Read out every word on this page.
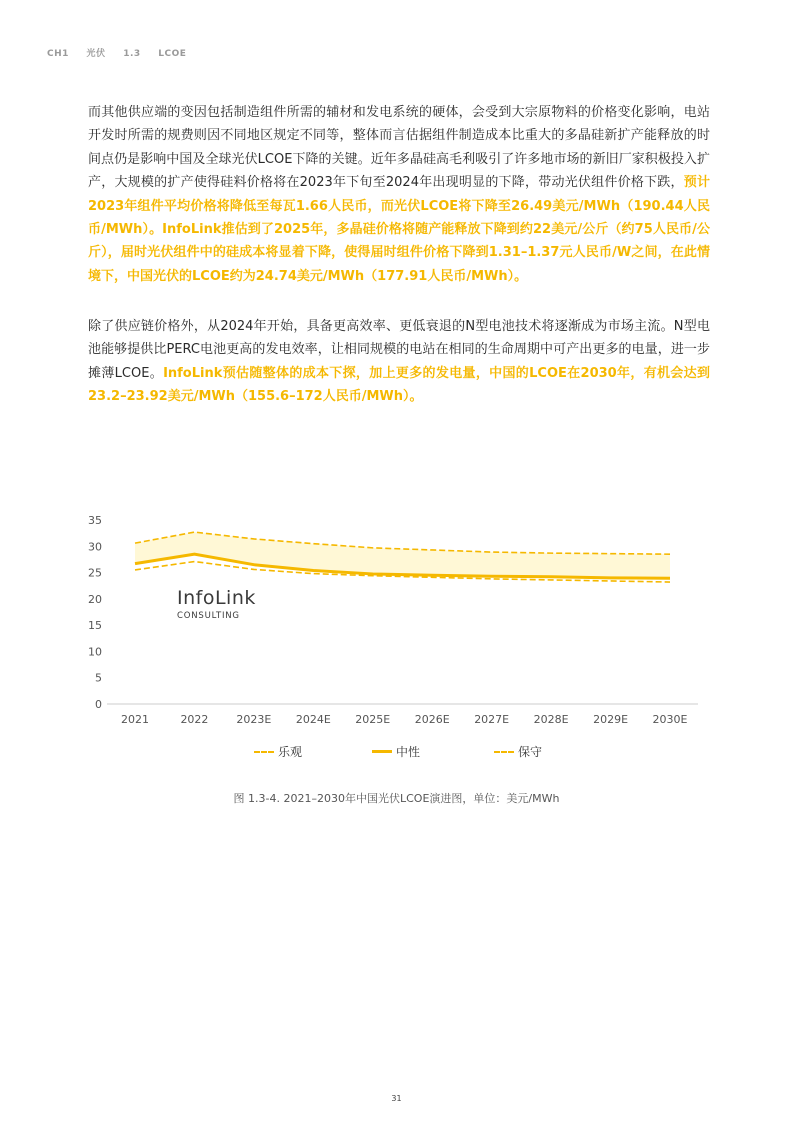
CH1 光伏 1.3 LCOE
而其他供应端的变因包括制造组件所需的辅材和发电系统的硬体，会受到大宗原物料的价格变化影响，电站开发时所需的规费则因不同地区规定不同等，整体而言估据组件制造成本比重大的多晶硅新扩产能释放的时间点仍是影响中国及全球光伏LCOE下降的关键。近年多晶硅高毛利吸引了许多地市场的新旧厂家积极投入扩产，大规模的扩产使得硅料价格将在2023年下旬至2024年出现明显的下降，带动光伏组件价格下跌，预计2023年组件平均价格将降低至每瓦1.66人民币，而光伏LCOE将下降至26.49美元/MWh（190.44人民币/MWh）。InfoLink推估到了2025年，多晶硅价格将随产能释放下降到约22美元/公斤（约75人民币/公斤），届时光伏组件中的硅成本将显着下降，使得届时组件价格下降到1.31–1.37元人民币/W之间，在此情境下，中国光伏的LCOE约为24.74美元/MWh（177.91人民币/MWh）。
除了供应链价格外，从2024年开始，具备更高效率、更低衰退的N型电池技术将逐渐成为市场主流。N型电池能够提供比PERC电池更高的发电效率，让相同规模的电站在相同的生命周期中可产出更多的电量，进一步摊薄LCOE。InfoLink预估随整体的成本下探，加上更多的发电量，中国的LCOE在2030年，有机会达到23.2–23.92美元/MWh（155.6–172人民币/MWh）。
0
5
10
15
20
25
30
35
2021	2022	2023E 2024E 2025E 2026E 2027E 2028E 2029E 2030E
InfoLink
CONSULTING
乐观	中性	保守
图 1.3-4. 2021–2030年中国光伏LCOE演进图，单位：美元/MWh
31
